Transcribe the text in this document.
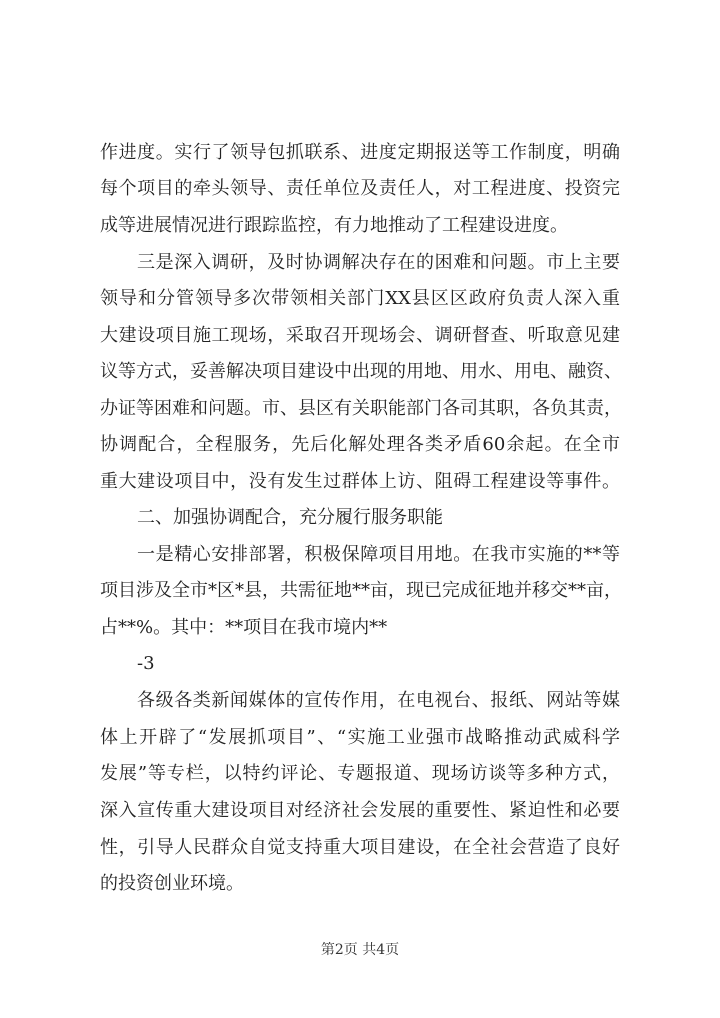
作进度。实行了领导包抓联系、进度定期报送等工作制度，明确
每个项目的牵头领导、责任单位及责任人，对工程进度、投资完
成等进展情况进行跟踪监控，有力地推动了工程建设进度。
三是深入调研，及时协调解决存在的困难和问题。市上主要
领导和分管领导多次带领相关部门XX县区区政府负责人深入重
大建设项目施工现场，采取召开现场会、调研督查、听取意见建
议等方式，妥善解决项目建设中出现的用地、用水、用电、融资、
办证等困难和问题。市、县区有关职能部门各司其职，各负其责，
协调配合，全程服务，先后化解处理各类矛盾60余起。在全市
重大建设项目中，没有发生过群体上访、阻碍工程建设等事件。
二、加强协调配合，充分履行服务职能
一是精心安排部署，积极保障项目用地。在我市实施的**等
项目涉及全市*区*县，共需征地**亩，现已完成征地并移交**亩，
占**%。其中：**项目在我市境内**
-3
各级各类新闻媒体的宣传作用，在电视台、报纸、网站等媒
体上开辟了“发展抓项目”、“实施工业强市战略推动武威科学
发展”等专栏，以特约评论、专题报道、现场访谈等多种方式，
深入宣传重大建设项目对经济社会发展的重要性、紧迫性和必要
性，引导人民群众自觉支持重大项目建设，在全社会营造了良好
的投资创业环境。
第2页 共4页
